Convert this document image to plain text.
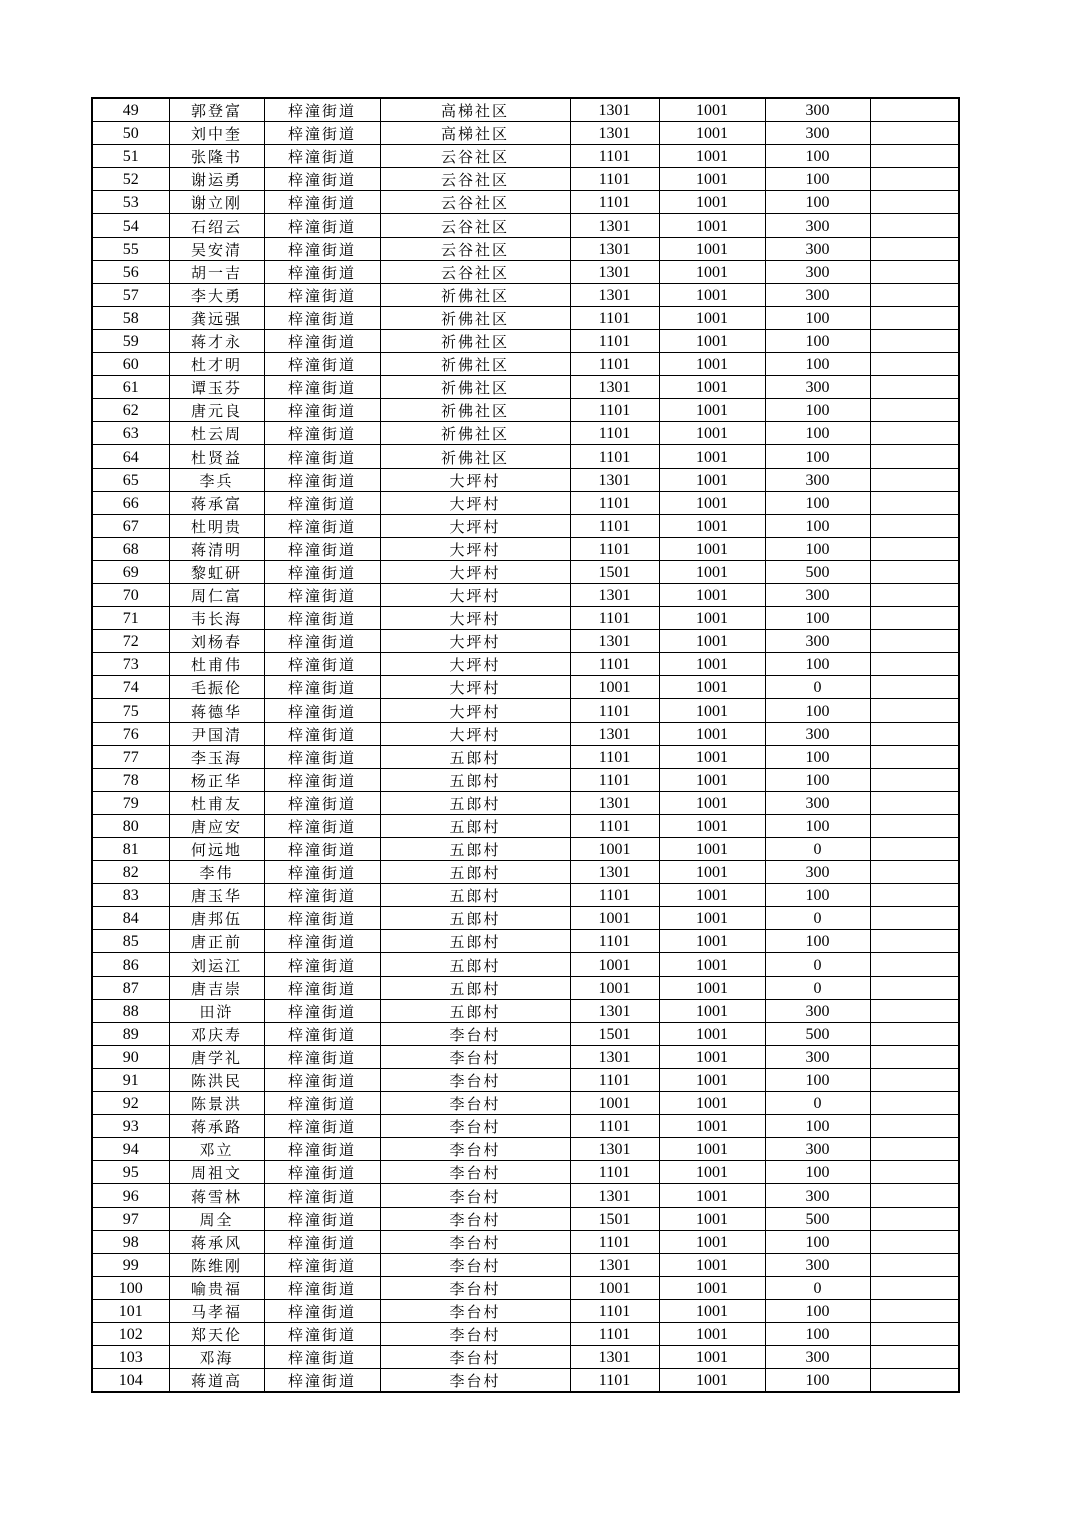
49	郭登富	梓潼街道	高梯社区	1301	1001	300	
50	刘中奎	梓潼街道	高梯社区	1301	1001	300	
51	张隆书	梓潼街道	云谷社区	1101	1001	100	
52	谢运勇	梓潼街道	云谷社区	1101	1001	100	
53	谢立刚	梓潼街道	云谷社区	1101	1001	100	
54	石绍云	梓潼街道	云谷社区	1301	1001	300	
55	吴安清	梓潼街道	云谷社区	1301	1001	300	
56	胡一吉	梓潼街道	云谷社区	1301	1001	300	
57	李大勇	梓潼街道	祈佛社区	1301	1001	300	
58	龚远强	梓潼街道	祈佛社区	1101	1001	100	
59	蒋才永	梓潼街道	祈佛社区	1101	1001	100	
60	杜才明	梓潼街道	祈佛社区	1101	1001	100	
61	谭玉芬	梓潼街道	祈佛社区	1301	1001	300	
62	唐元良	梓潼街道	祈佛社区	1101	1001	100	
63	杜云周	梓潼街道	祈佛社区	1101	1001	100	
64	杜贤益	梓潼街道	祈佛社区	1101	1001	100	
65	李兵	梓潼街道	大坪村	1301	1001	300	
66	蒋承富	梓潼街道	大坪村	1101	1001	100	
67	杜明贵	梓潼街道	大坪村	1101	1001	100	
68	蒋清明	梓潼街道	大坪村	1101	1001	100	
69	黎虹研	梓潼街道	大坪村	1501	1001	500	
70	周仁富	梓潼街道	大坪村	1301	1001	300	
71	韦长海	梓潼街道	大坪村	1101	1001	100	
72	刘杨春	梓潼街道	大坪村	1301	1001	300	
73	杜甫伟	梓潼街道	大坪村	1101	1001	100	
74	毛振伦	梓潼街道	大坪村	1001	1001	0	
75	蒋德华	梓潼街道	大坪村	1101	1001	100	
76	尹国清	梓潼街道	大坪村	1301	1001	300	
77	李玉海	梓潼街道	五郎村	1101	1001	100	
78	杨正华	梓潼街道	五郎村	1101	1001	100	
79	杜甫友	梓潼街道	五郎村	1301	1001	300	
80	唐应安	梓潼街道	五郎村	1101	1001	100	
81	何远地	梓潼街道	五郎村	1001	1001	0	
82	李伟	梓潼街道	五郎村	1301	1001	300	
83	唐玉华	梓潼街道	五郎村	1101	1001	100	
84	唐邦伍	梓潼街道	五郎村	1001	1001	0	
85	唐正前	梓潼街道	五郎村	1101	1001	100	
86	刘运江	梓潼街道	五郎村	1001	1001	0	
87	唐吉崇	梓潼街道	五郎村	1001	1001	0	
88	田浒	梓潼街道	五郎村	1301	1001	300	
89	邓庆寿	梓潼街道	李台村	1501	1001	500	
90	唐学礼	梓潼街道	李台村	1301	1001	300	
91	陈洪民	梓潼街道	李台村	1101	1001	100	
92	陈景洪	梓潼街道	李台村	1001	1001	0	
93	蒋承路	梓潼街道	李台村	1101	1001	100	
94	邓立	梓潼街道	李台村	1301	1001	300	
95	周祖文	梓潼街道	李台村	1101	1001	100	
96	蒋雪林	梓潼街道	李台村	1301	1001	300	
97	周全	梓潼街道	李台村	1501	1001	500	
98	蒋承风	梓潼街道	李台村	1101	1001	100	
99	陈维刚	梓潼街道	李台村	1301	1001	300	
100	喻贵福	梓潼街道	李台村	1001	1001	0	
101	马孝福	梓潼街道	李台村	1101	1001	100	
102	郑天伦	梓潼街道	李台村	1101	1001	100	
103	邓海	梓潼街道	李台村	1301	1001	300	
104	蒋道高	梓潼街道	李台村	1101	1001	100	
